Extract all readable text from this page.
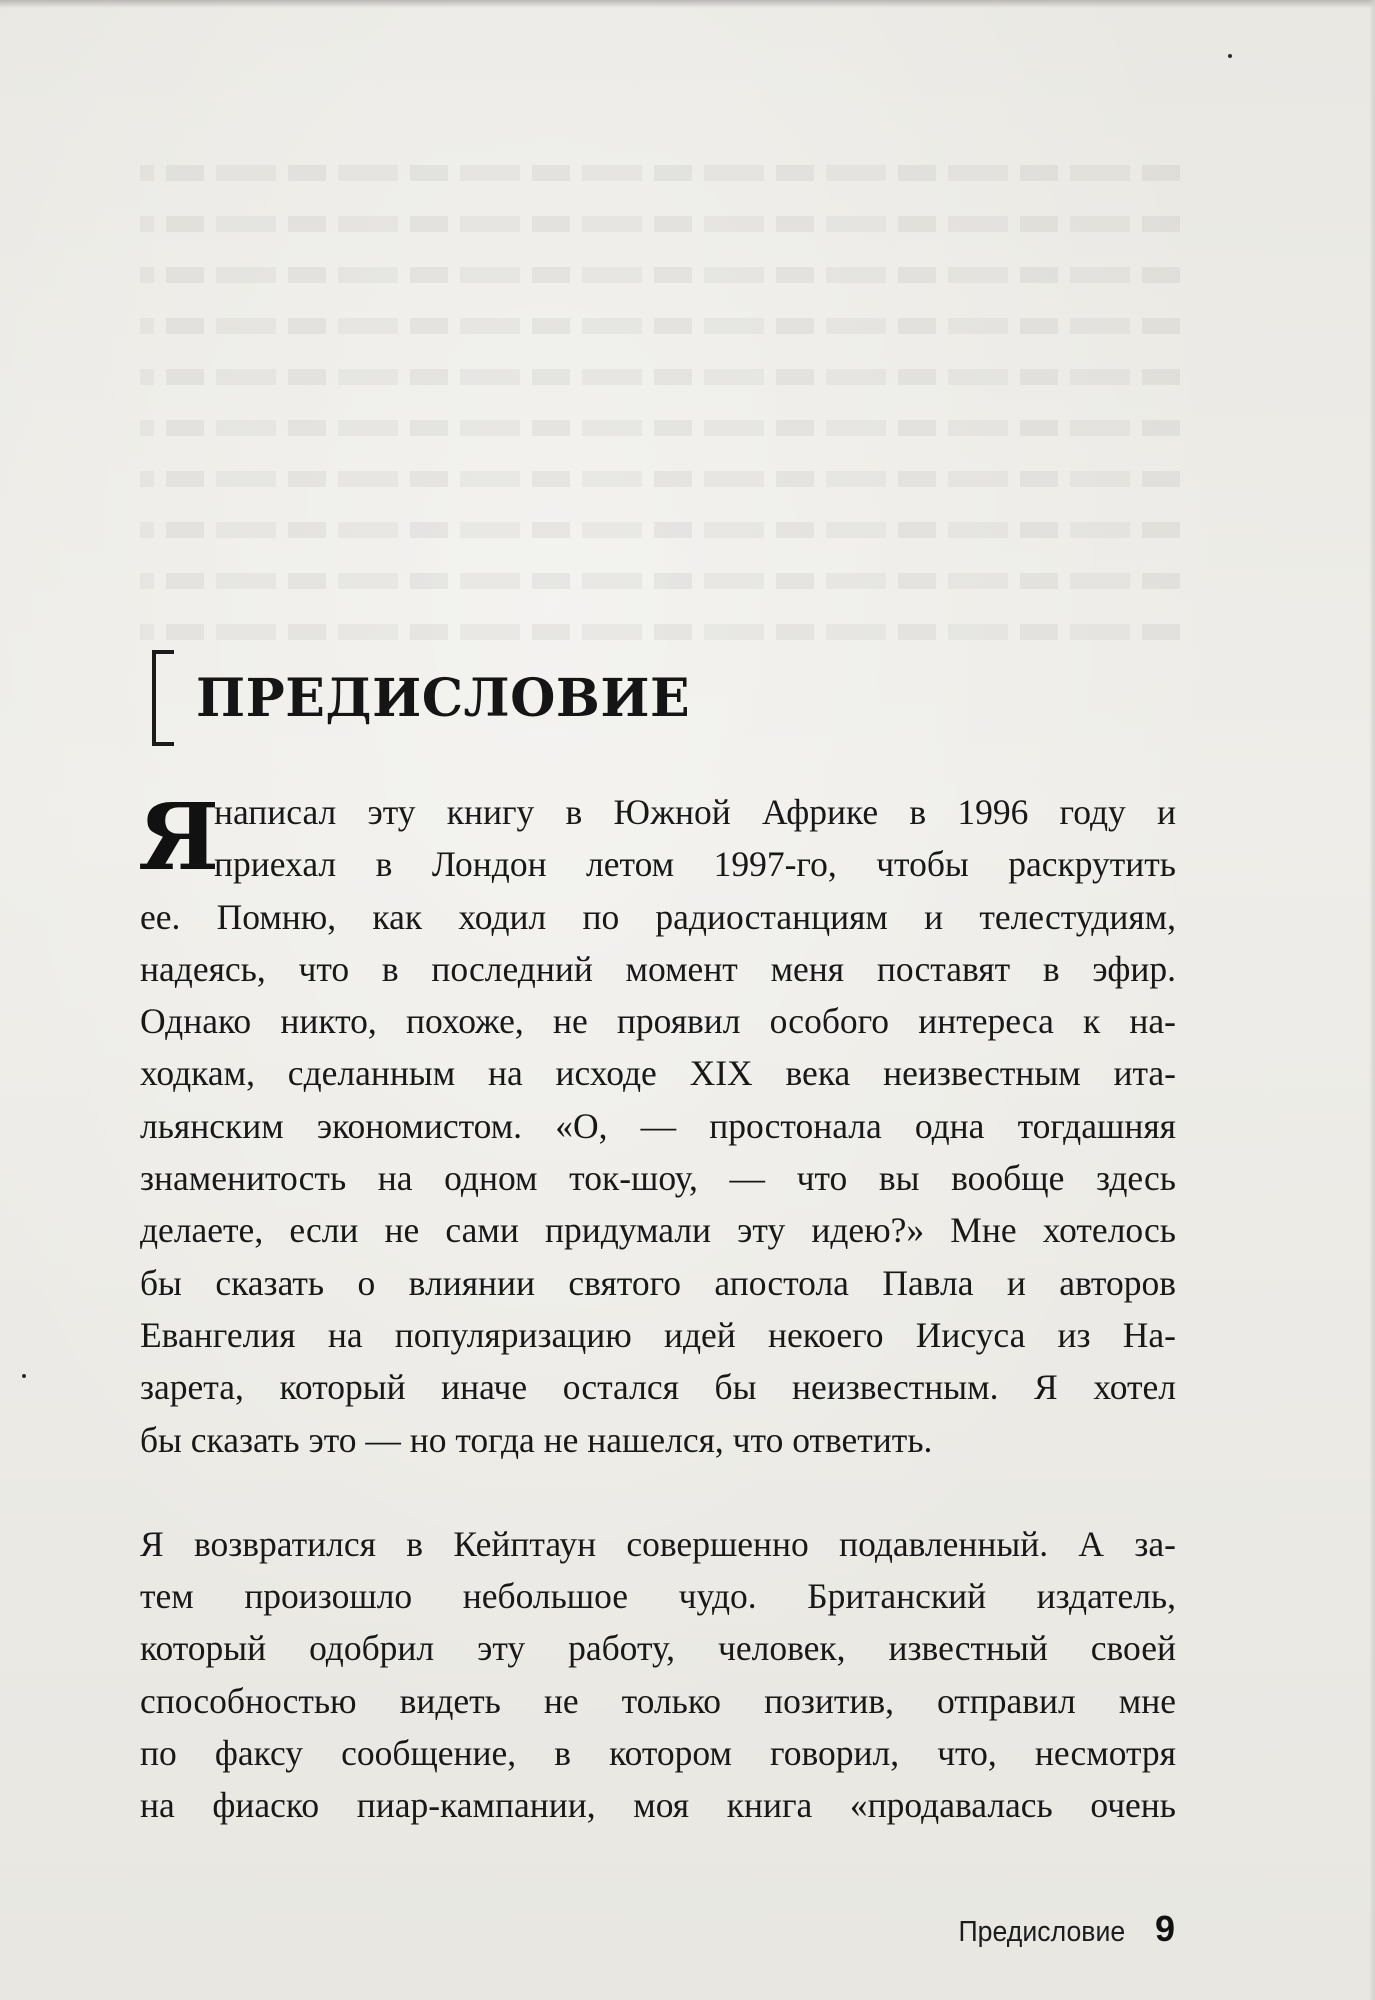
ПРЕДИСЛОВИЕ
Я
написал эту книгу в Южной Африке в 1996 году и
приехал в Лондон летом 1997-го, чтобы раскрутить
ее. Помню, как ходил по радиостанциям и телестудиям,
надеясь, что в последний момент меня поставят в эфир.
Однако никто, похоже, не проявил особого интереса к на-
ходкам, сделанным на исходе XIX века неизвестным ита-
льянским экономистом. «О, — простонала одна тогдашняя
знаменитость на одном ток-шоу, — что вы вообще здесь
делаете, если не сами придумали эту идею?» Мне хотелось
бы сказать о влиянии святого апостола Павла и авторов
Евангелия на популяризацию идей некоего Иисуса из На-
зарета, который иначе остался бы неизвестным. Я хотел
бы сказать это — но тогда не нашелся, что ответить.
Я возвратился в Кейптаун совершенно подавленный. А за-
тем произошло небольшое чудо. Британский издатель,
который одобрил эту работу, человек, известный своей
способностью видеть не только позитив, отправил мне
по факсу сообщение, в котором говорил, что, несмотря
на фиаско пиар-кампании, моя книга «продавалась очень
Предисловие 9
